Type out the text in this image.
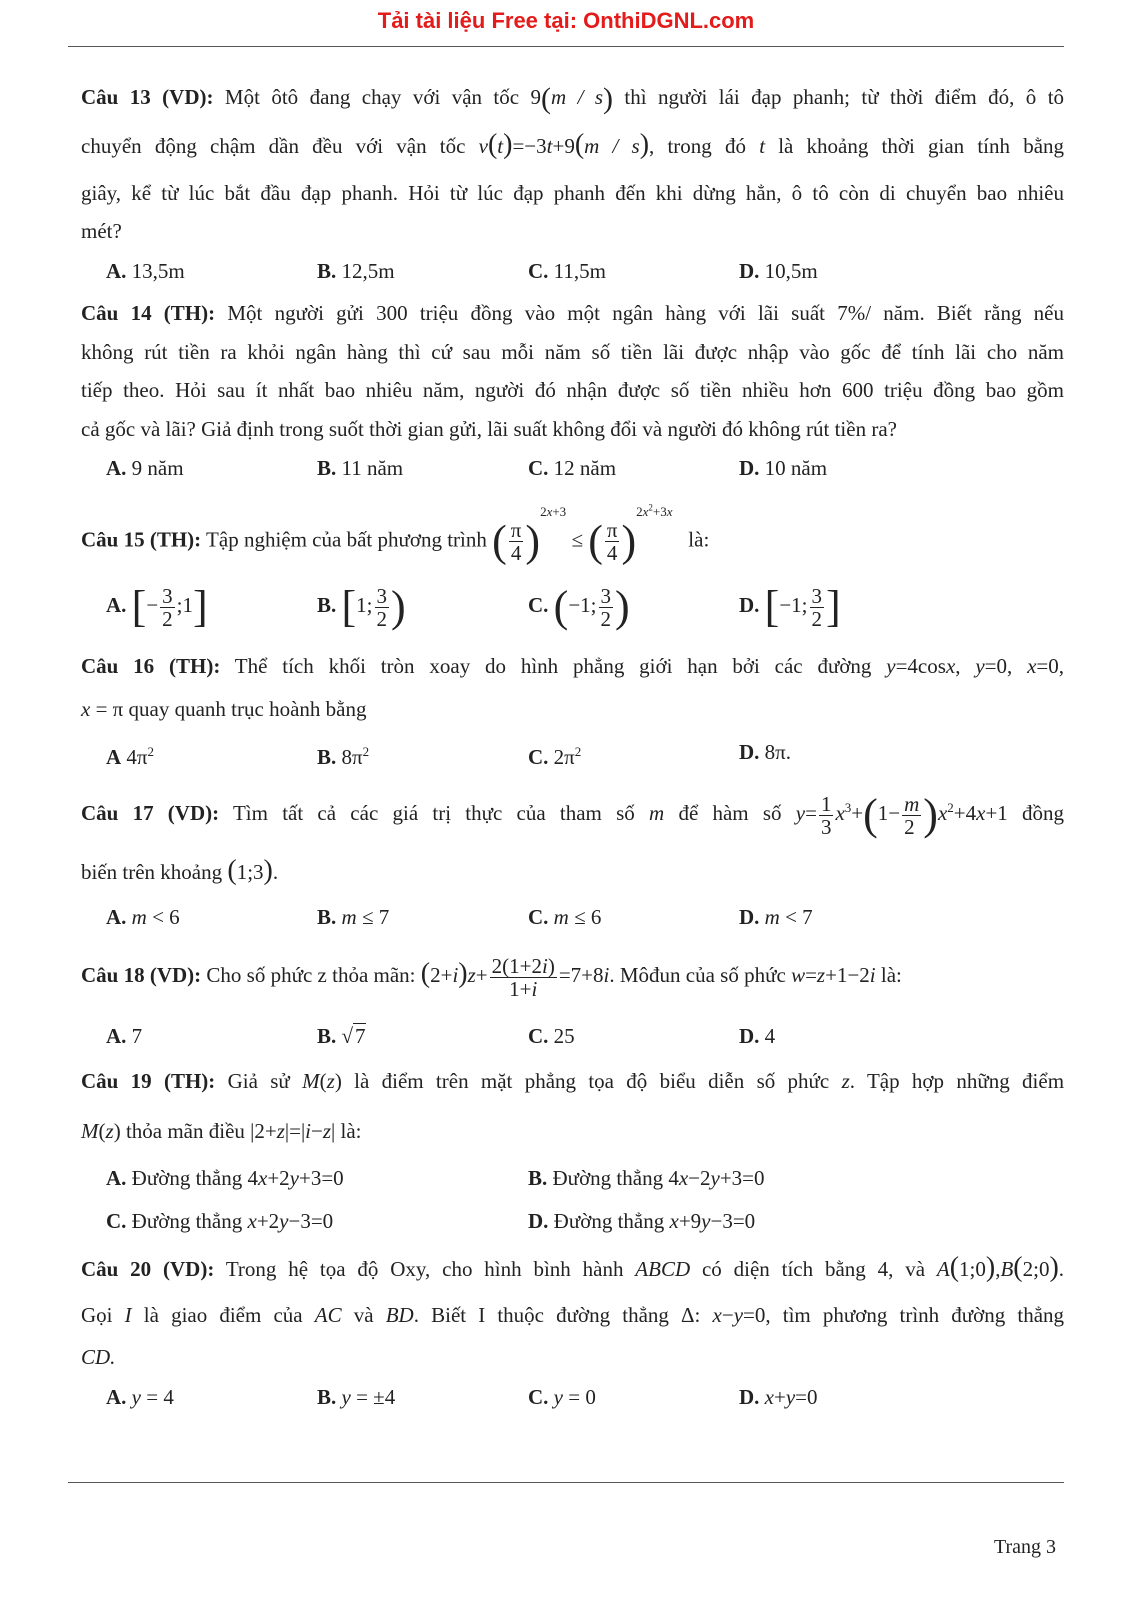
Tải tài liệu Free tại: OnthiDGNL.com
Câu 13 (VD): Một ôtô đang chạy với vận tốc 9(m / s) thì người lái đạp phanh; từ thời điểm đó, ô tô
chuyển động chậm dần đều với vận tốc v(t)=−3t+9(m / s), trong đó t là khoảng thời gian tính bằng
giây, kể từ lúc bắt đầu đạp phanh. Hỏi từ lúc đạp phanh đến khi dừng hẳn, ô tô còn di chuyển bao nhiêu
mét?
A. 13,5m	B. 12,5m	C. 11,5m	D. 10,5m
Câu 14 (TH): Một người gửi 300 triệu đồng vào một ngân hàng với lãi suất 7%/ năm. Biết rằng nếu
không rút tiền ra khỏi ngân hàng thì cứ sau mỗi năm số tiền lãi được nhập vào gốc để tính lãi cho năm
tiếp theo. Hỏi sau ít nhất bao nhiêu năm, người đó nhận được số tiền nhiều hơn 600 triệu đồng bao gồm
cả gốc và lãi? Giả định trong suốt thời gian gửi, lãi suất không đổi và người đó không rút tiền ra?
A. 9 năm	B. 11 năm	C. 12 năm	D. 10 năm
Câu 15 (TH): Tập nghiệm của bất phương trình ( $\frac{\pi}{4} )^{2x+3}$ ≤ ( $\frac{\pi}{4} )^{2x^2+3x}$   là:
A. [− $\frac{3}{2}$ ;1]	B. [1; $\frac{3}{2}$ )	C. (−1; $\frac{3}{2}$ )	D. [−1; $\frac{3}{2}$ ]
Câu 16 (TH): Thể tích khối tròn xoay do hình phẳng giới hạn bởi các đường y=4cosx, y=0, x=0,
x = π quay quanh trục hoành bằng
A $4\pi^2$	B. $8\pi^2$	C. $2\pi^2$	D. 8π.
Câu 17 (VD): Tìm tất cả các giá trị thực của tham số m để hàm số $y= \frac{1}{3} x^3+(1- \frac{m}{2} )x^2+4x+1$ đồng
biến trên khoảng (1;3).
A. m < 6	B. m ≤ 7	C. m ≤ 6	D. m < 7
Câu 18 (VD): Cho số phức z thỏa mãn: $(2+i)z+ \frac{2(1+2i)}{1+i} =7+8i$. Môđun của số phức w=z+1−2i là:
A. 7	B. √7	C. 25	D. 4
Câu 19 (TH): Giả sử M(z) là điểm trên mặt phẳng tọa độ biểu diễn số phức z. Tập hợp những điểm
M(z) thỏa mãn điều |2+z|=|i−z| là:
A. Đường thẳng 4x+2y+3=0	B. Đường thẳng 4x−2y+3=0
C. Đường thẳng x+2y−3=0	D. Đường thẳng x+9y−3=0
Câu 20 (VD): Trong hệ tọa độ Oxy, cho hình bình hành ABCD có diện tích bằng 4, và A(1;0),B(2;0).
Gọi I là giao điểm của AC và BD. Biết I thuộc đường thẳng Δ: x−y=0, tìm phương trình đường thẳng
CD.
A. y = 4	B. y = ±4	C. y = 0	D. x+y=0
Trang 3
